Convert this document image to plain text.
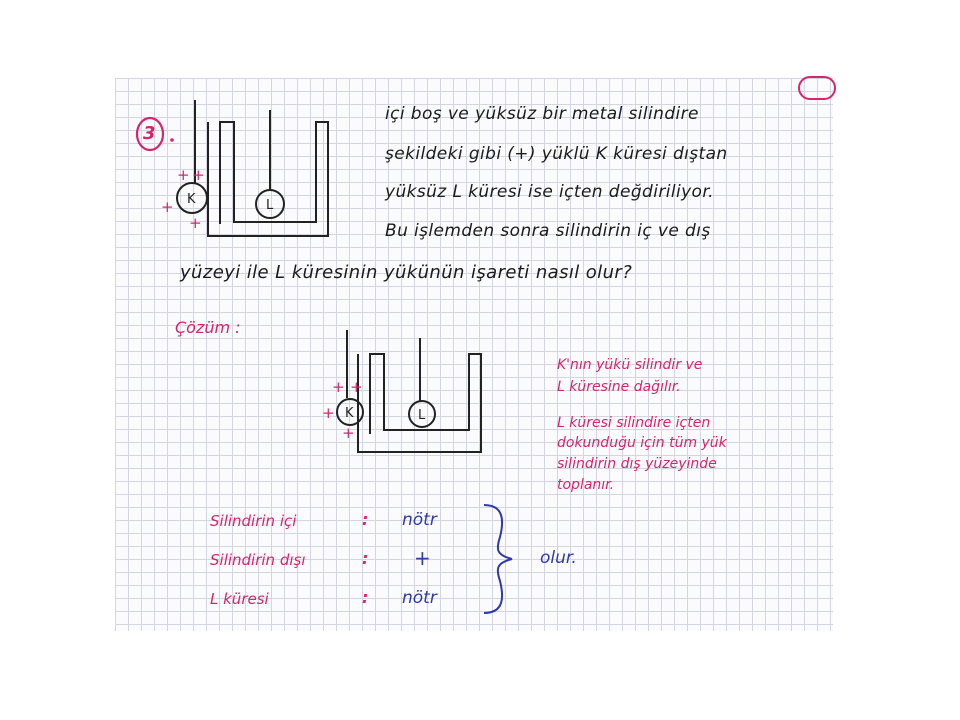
3
K	L
+ +
+
+
içi boş ve yüksüz bir metal silindire
şekildeki gibi (+) yüklü K küresi dıştan
yüksüz L küresi ise içten değdiriliyor.
Bu işlemden sonra silindirin iç ve dış
yüzeyi ile L küresinin yükünün işareti nasıl olur?
Çözüm :
K	L
+ +
+
+
K'nın yükü silindir ve
L küresine dağılır.
L küresi silindire içten
dokunduğu için tüm yük
silindirin dış yüzeyinde
toplanır.
Silindirin içi	: nötr
Silindirin dışı	: +
L küresi	: nötr
olur.
